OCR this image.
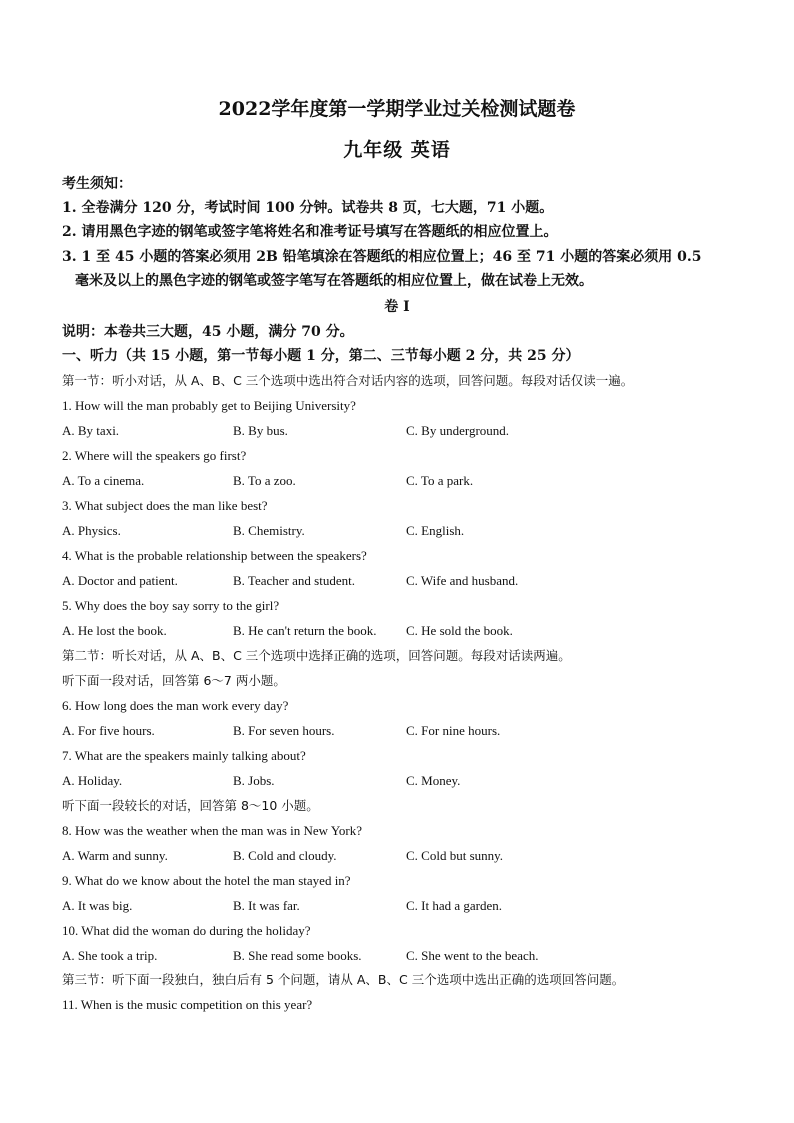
2022学年度第一学期学业过关检测试题卷
九年级 英语
考生须知：
1. 全卷满分 120 分，考试时间 100 分钟。试卷共 8 页，七大题，71 小题。
2. 请用黑色字迹的钢笔或签字笔将姓名和准考证号填写在答题纸的相应位置上。
3. 1 至 45 小题的答案必须用 2B 铅笔填涂在答题纸的相应位置上；46 至 71 小题的答案必须用 0.5
毫米及以上的黑色字迹的钢笔或签字笔写在答题纸的相应位置上，做在试卷上无效。
卷 I
说明：本卷共三大题，45 小题，满分 70 分。
一、听力（共 15 小题，第一节每小题 1 分，第二、三节每小题 2 分，共 25 分）
第一节：听小对话，从 A、B、C 三个选项中选出符合对话内容的选项，回答问题。每段对话仅读一遍。
1. How will the man probably get to Beijing University?
A. By taxi.	B. By bus.	C. By underground.
2. Where will the speakers go first?
A. To a cinema.	B. To a zoo.	C. To a park.
3. What subject does the man like best?
A. Physics.	B. Chemistry.	C. English.
4. What is the probable relationship between the speakers?
A. Doctor and patient.	B. Teacher and student.	C. Wife and husband.
5. Why does the boy say sorry to the girl?
A. He lost the book.	B. He can't return the book. C. He sold the book.
第二节：听长对话，从 A、B、C 三个选项中选择正确的选项，回答问题。每段对话读两遍。
听下面一段对话，回答第 6～7 两小题。
6. How long does the man work every day?
A. For five hours.	B. For seven hours.	C. For nine hours.
7. What are the speakers mainly talking about?
A. Holiday.	B. Jobs.	C. Money.
听下面一段较长的对话，回答第 8～10 小题。
8. How was the weather when the man was in New York?
A. Warm and sunny.	B. Cold and cloudy.	C. Cold but sunny.
9. What do we know about the hotel the man stayed in?
A. It was big.	B. It was far.	C. It had a garden.
10. What did the woman do during the holiday?
A. She took a trip.	B. She read some books.	C. She went to the beach.
第三节：听下面一段独白，独白后有 5 个问题，请从 A、B、C 三个选项中选出正确的选项回答问题。
11. When is the music competition on this year?
